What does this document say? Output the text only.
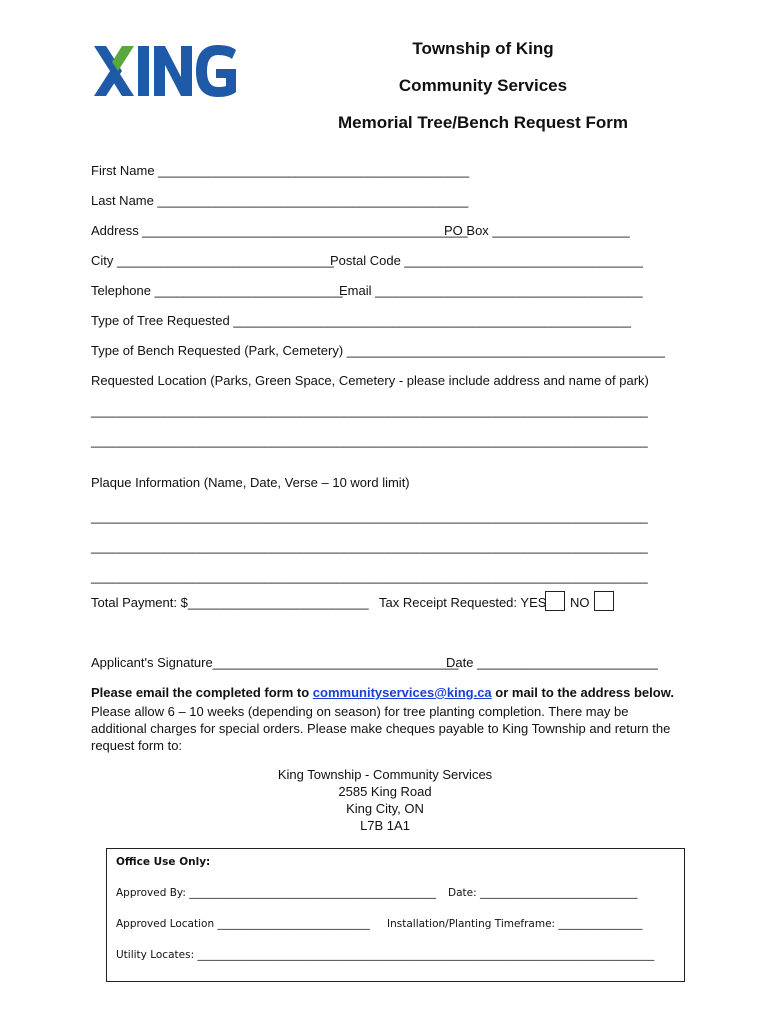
Township of King
Community Services
Memorial Tree/Bench Request Form
First Name ___________________________________________
Last Name ___________________________________________
Address _____________________________________________
PO Box ___________________
City ______________________________
Postal Code _________________________________
Telephone __________________________
Email _____________________________________
Type of Tree Requested _______________________________________________________
Type of Bench Requested (Park, Cemetery) ____________________________________________
Requested Location (Parks, Green Space, Cemetery - please include address and name of park)
_____________________________________________________________________________
_____________________________________________________________________________
Plaque Information (Name, Date, Verse – 10 word limit)
_____________________________________________________________________________
_____________________________________________________________________________
_____________________________________________________________________________
Total Payment: $_________________________ Tax Receipt Requested: YES NO
Applicant's Signature__________________________________
Date _________________________
Please email the completed form to communityservices@king.ca or mail to the address below.
Please allow 6 – 10 weeks (depending on season) for tree planting completion. There may be additional charges for special orders. Please make cheques payable to King Township and return the request form to:
King Township - Community Services
2585 King Road
King City, ON
L7B 1A1
Office Use Only:
Approved By: _______________________________________________ Date: ______________________________
Approved Location _____________________________ Installation/Planting Timeframe: ________________
Utility Locates: _______________________________________________________________________________________
